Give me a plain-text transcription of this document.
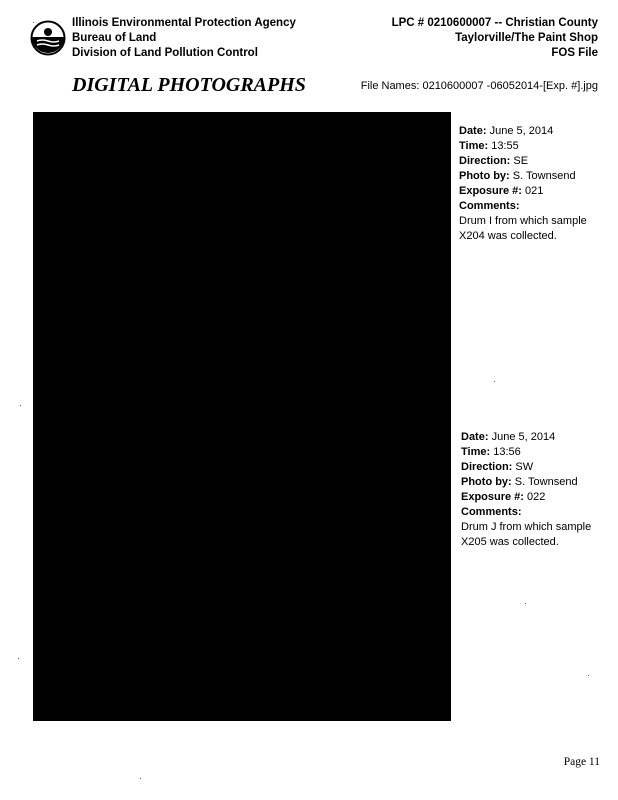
Illinois Environmental Protection Agency
Bureau of Land
Division of Land Pollution Control
LPC # 0210600007 -- Christian County
Taylorville/The Paint Shop
FOS File
DIGITAL PHOTOGRAPHS	File Names: 0210600007 -06052014-[Exp. #].jpg
Date: June 5, 2014
Time: 13:55
Direction: SE
Photo by: S. Townsend
Exposure #: 021
Comments:
Drum I from which sample X204 was collected.
Date: June 5, 2014
Time: 13:56
Direction: SW
Photo by: S. Townsend
Exposure #: 022
Comments:
Drum J from which sample X205 was collected.
Page 11
